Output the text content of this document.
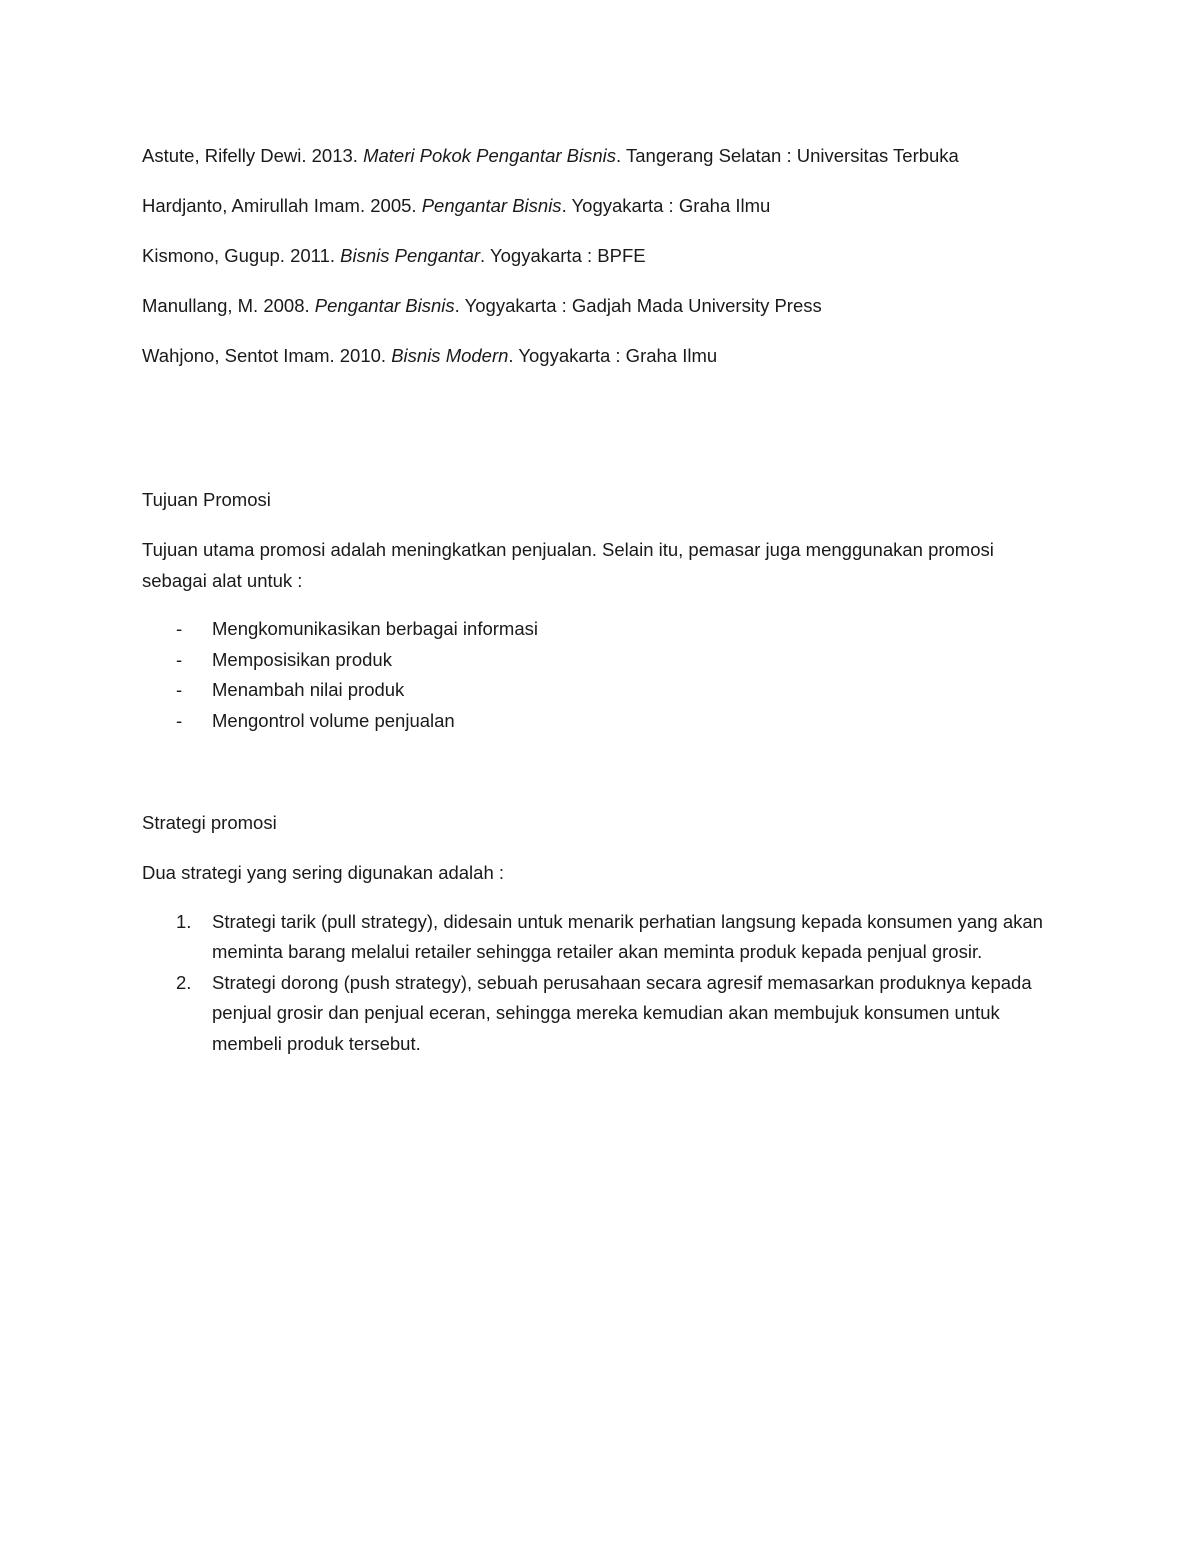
Astute, Rifelly Dewi. 2013. Materi Pokok Pengantar Bisnis. Tangerang Selatan : Universitas Terbuka

Hardjanto, Amirullah Imam. 2005. Pengantar Bisnis. Yogyakarta : Graha Ilmu

Kismono, Gugup. 2011. Bisnis Pengantar. Yogyakarta : BPFE

Manullang, M. 2008. Pengantar Bisnis. Yogyakarta : Gadjah Mada University Press

Wahjono, Sentot Imam. 2010. Bisnis Modern. Yogyakarta : Graha Ilmu

Tujuan Promosi

Tujuan utama promosi adalah meningkatkan penjualan. Selain itu, pemasar juga menggunakan promosi sebagai alat untuk :

- Mengkomunikasikan berbagai informasi
- Memposisikan produk
- Menambah nilai produk
- Mengontrol volume penjualan

Strategi promosi

Dua strategi yang sering digunakan adalah :

1. Strategi tarik (pull strategy), didesain untuk menarik perhatian langsung kepada konsumen yang akan meminta barang melalui retailer sehingga retailer akan meminta produk kepada penjual grosir.
2. Strategi dorong (push strategy), sebuah perusahaan secara agresif memasarkan produknya kepada penjual grosir dan penjual eceran, sehingga mereka kemudian akan membujuk konsumen untuk membeli produk tersebut.
